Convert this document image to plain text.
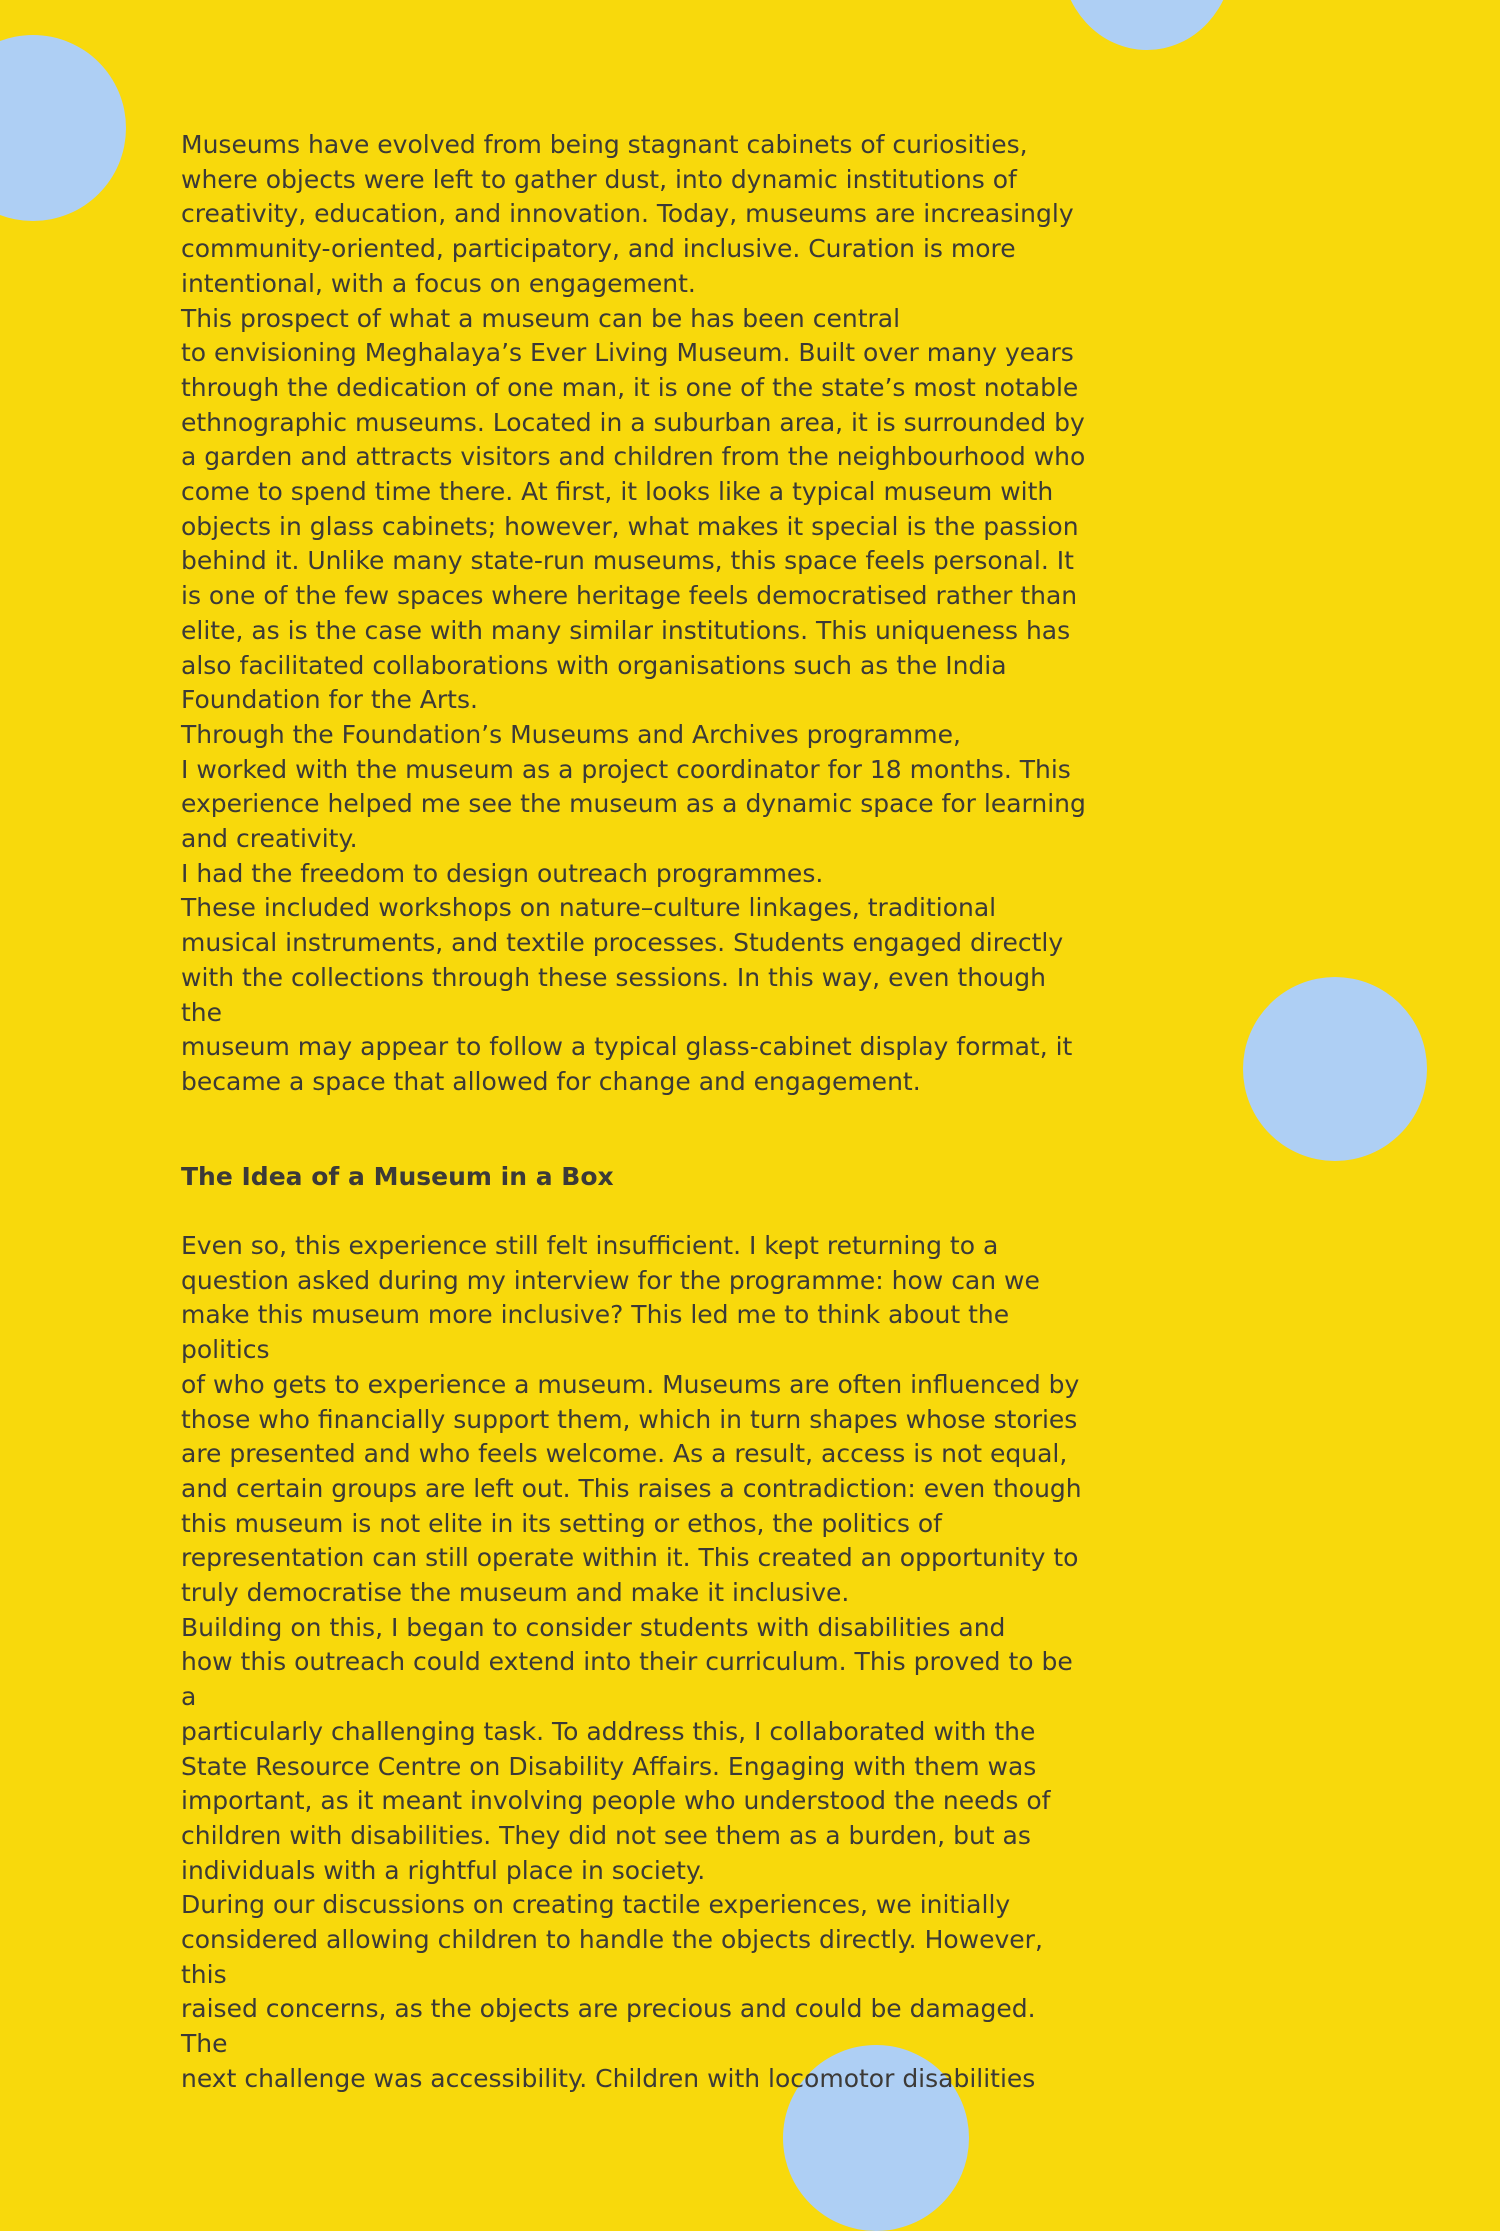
Museums have evolved from being stagnant cabinets of curiosities,
where objects were left to gather dust, into dynamic institutions of
creativity, education, and innovation. Today, museums are increasingly
community-oriented, participatory, and inclusive. Curation is more
intentional, with a focus on engagement.

This prospect of what a museum can be has been central
to envisioning Meghalaya’s Ever Living Museum. Built over many years
through the dedication of one man, it is one of the state’s most notable
ethnographic museums. Located in a suburban area, it is surrounded by
a garden and attracts visitors and children from the neighbourhood who
come to spend time there. At first, it looks like a typical museum with
objects in glass cabinets; however, what makes it special is the passion
behind it. Unlike many state-run museums, this space feels personal. It
is one of the few spaces where heritage feels democratised rather than
elite, as is the case with many similar institutions. This uniqueness has
also facilitated collaborations with organisations such as the India
Foundation for the Arts.

Through the Foundation’s Museums and Archives programme,
I worked with the museum as a project coordinator for 18 months. This
experience helped me see the museum as a dynamic space for learning
and creativity.

I had the freedom to design outreach programmes.
These included workshops on nature–culture linkages, traditional
musical instruments, and textile processes. Students engaged directly
with the collections through these sessions. In this way, even though the
museum may appear to follow a typical glass-cabinet display format, it
became a space that allowed for change and engagement.

The Idea of a Museum in a Box

Even so, this experience still felt insufficient. I kept returning to a
question asked during my interview for the programme: how can we
make this museum more inclusive? This led me to think about the politics
of who gets to experience a museum. Museums are often influenced by
those who financially support them, which in turn shapes whose stories
are presented and who feels welcome. As a result, access is not equal,
and certain groups are left out. This raises a contradiction: even though
this museum is not elite in its setting or ethos, the politics of
representation can still operate within it. This created an opportunity to
truly democratise the museum and make it inclusive.

Building on this, I began to consider students with disabilities and
how this outreach could extend into their curriculum. This proved to be a
particularly challenging task. To address this, I collaborated with the
State Resource Centre on Disability Affairs. Engaging with them was
important, as it meant involving people who understood the needs of
children with disabilities. They did not see them as a burden, but as
individuals with a rightful place in society.

During our discussions on creating tactile experiences, we initially
considered allowing children to handle the objects directly. However, this
raised concerns, as the objects are precious and could be damaged. The
next challenge was accessibility. Children with locomotor disabilities
